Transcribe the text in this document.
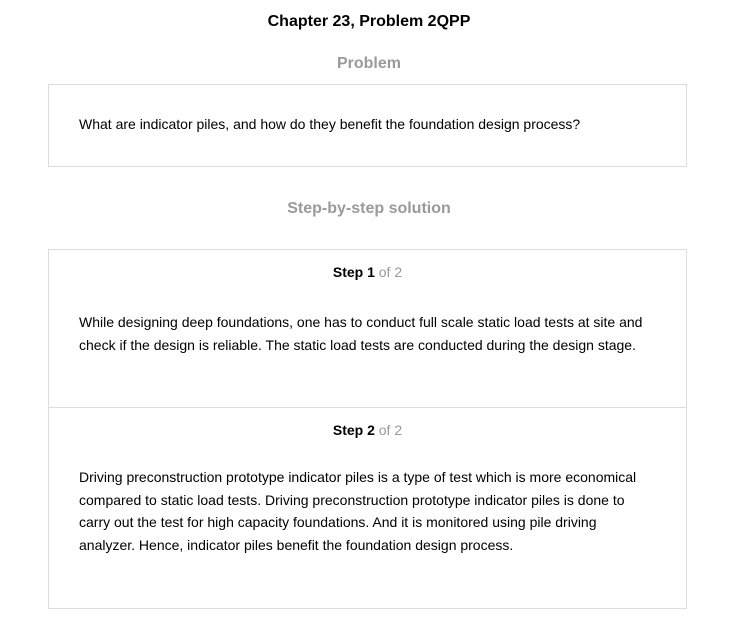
Chapter 23, Problem 2QPP
Problem
What are indicator piles, and how do they benefit the foundation design process?
Step-by-step solution
Step 1 of 2
While designing deep foundations, one has to conduct full scale static load tests at site and check if the design is reliable. The static load tests are conducted during the design stage.
Step 2 of 2
Driving preconstruction prototype indicator piles is a type of test which is more economical compared to static load tests. Driving preconstruction prototype indicator piles is done to carry out the test for high capacity foundations. And it is monitored using pile driving analyzer. Hence, indicator piles benefit the foundation design process.
